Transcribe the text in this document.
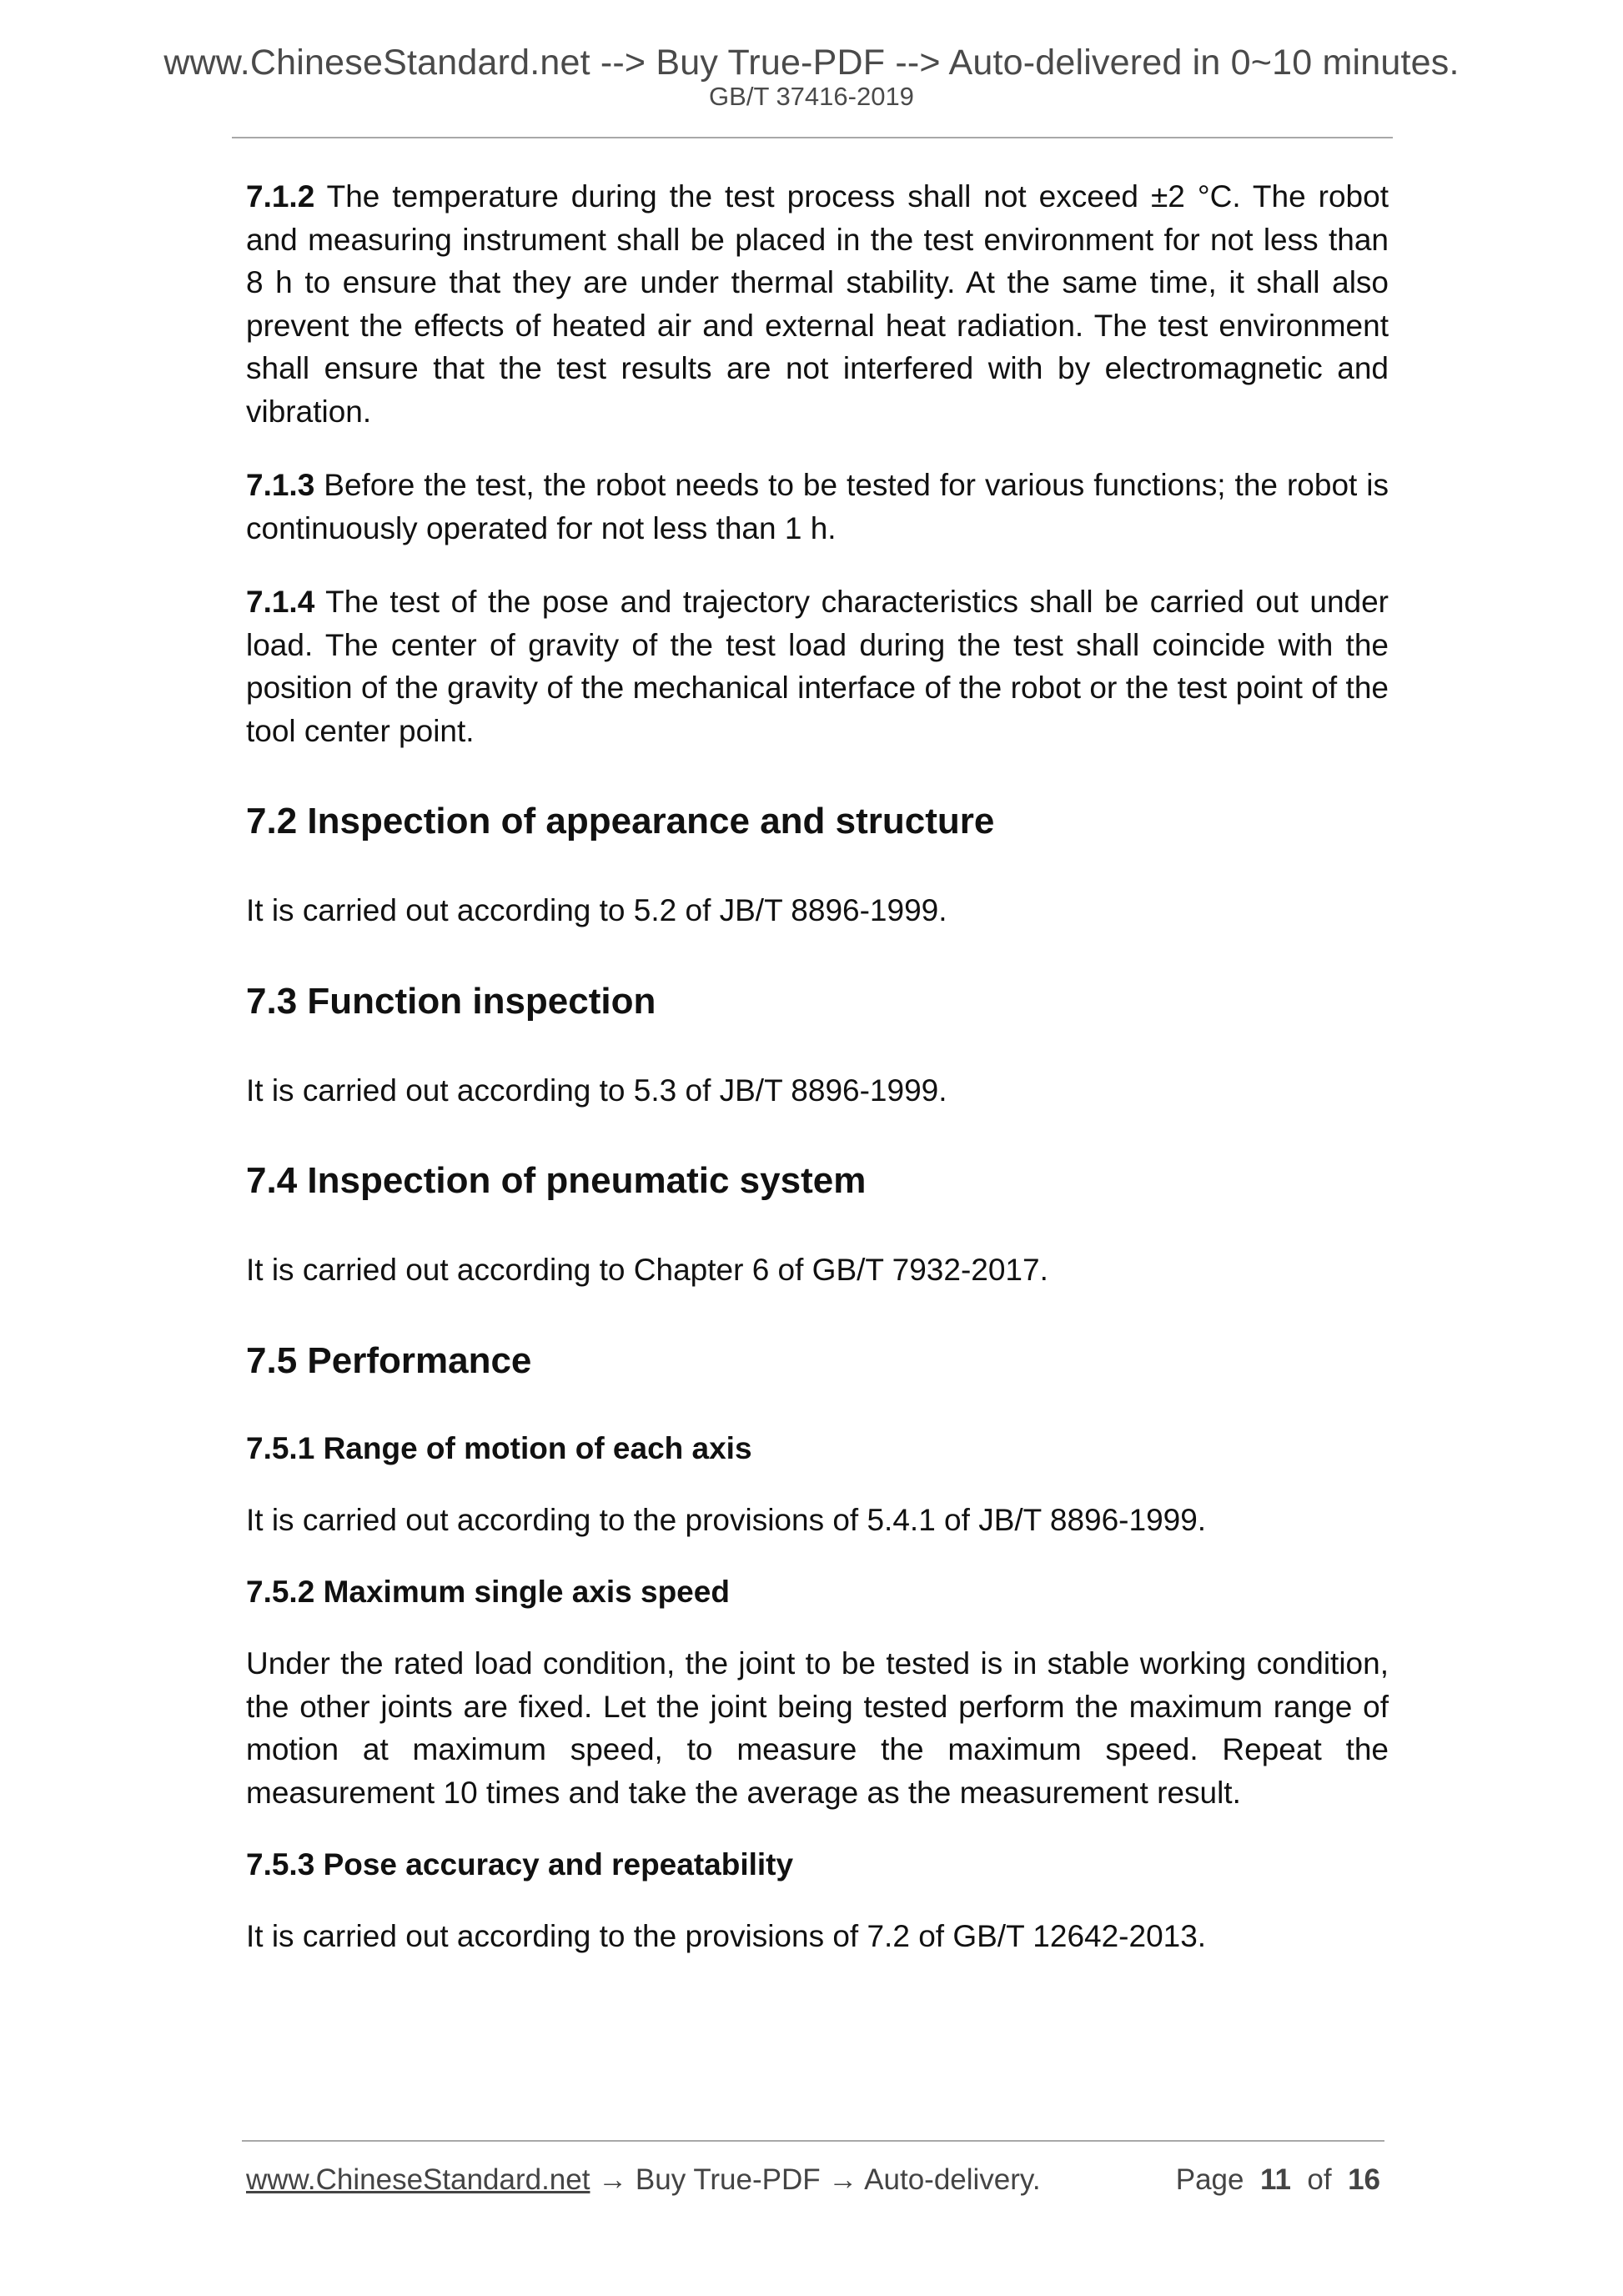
www.ChineseStandard.net --> Buy True-PDF --> Auto-delivered in 0~10 minutes.
GB/T 37416-2019

7.1.2 The temperature during the test process shall not exceed ±2 °C. The robot and measuring instrument shall be placed in the test environment for not less than 8 h to ensure that they are under thermal stability. At the same time, it shall also prevent the effects of heated air and external heat radiation. The test environment shall ensure that the test results are not interfered with by electromagnetic and vibration.

7.1.3 Before the test, the robot needs to be tested for various functions; the robot is continuously operated for not less than 1 h.

7.1.4 The test of the pose and trajectory characteristics shall be carried out under load. The center of gravity of the test load during the test shall coincide with the position of the gravity of the mechanical interface of the robot or the test point of the tool center point.

7.2 Inspection of appearance and structure

It is carried out according to 5.2 of JB/T 8896-1999.

7.3 Function inspection

It is carried out according to 5.3 of JB/T 8896-1999.

7.4 Inspection of pneumatic system

It is carried out according to Chapter 6 of GB/T 7932-2017.

7.5 Performance
7.5.1 Range of motion of each axis

It is carried out according to the provisions of 5.4.1 of JB/T 8896-1999.

7.5.2 Maximum single axis speed

Under the rated load condition, the joint to be tested is in stable working condition, the other joints are fixed. Let the joint being tested perform the maximum range of motion at maximum speed, to measure the maximum speed. Repeat the measurement 10 times and take the average as the measurement result.

7.5.3 Pose accuracy and repeatability

It is carried out according to the provisions of 7.2 of GB/T 12642-2013.

www.ChineseStandard.net → Buy True-PDF → Auto-delivery.	Page 11 of 16
